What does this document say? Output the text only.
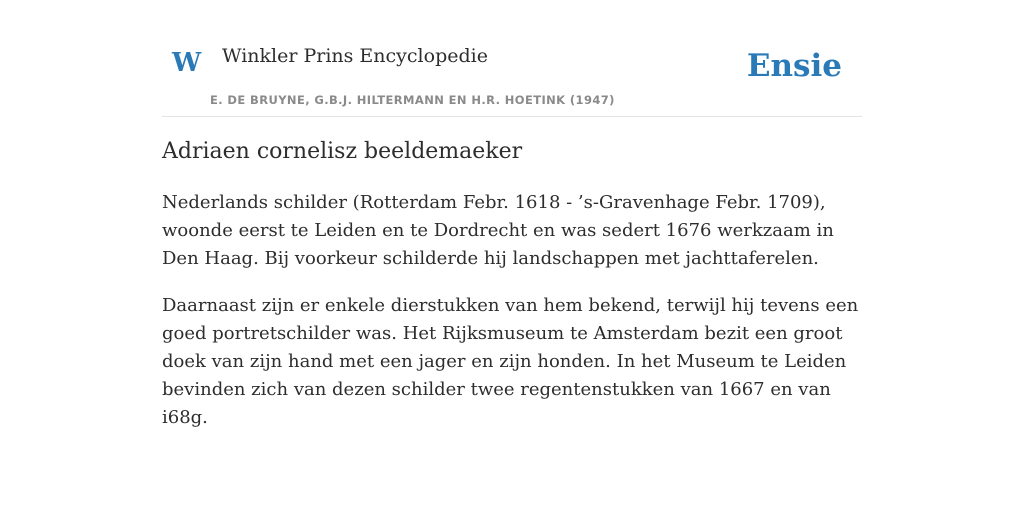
W Winkler Prins Encyclopedie
E. DE BRUYNE, G.B.J. HILTERMANN EN H.R. HOETINK (1947)
Ensie
Adriaen cornelisz beeldemaeker

Nederlands schilder (Rotterdam Febr. 1618 - ’s-Gravenhage Febr. 1709), woonde eerst te Leiden en te Dordrecht en was sedert 1676 werkzaam in Den Haag. Bij voorkeur schilderde hij landschappen met jachttaferelen.

Daarnaast zijn er enkele dierstukken van hem bekend, terwijl hij tevens een goed portretschilder was. Het Rijksmuseum te Amsterdam bezit een groot doek van zijn hand met een jager en zijn honden. In het Museum te Leiden bevinden zich van dezen schilder twee regentenstukken van 1667 en van i68g.
